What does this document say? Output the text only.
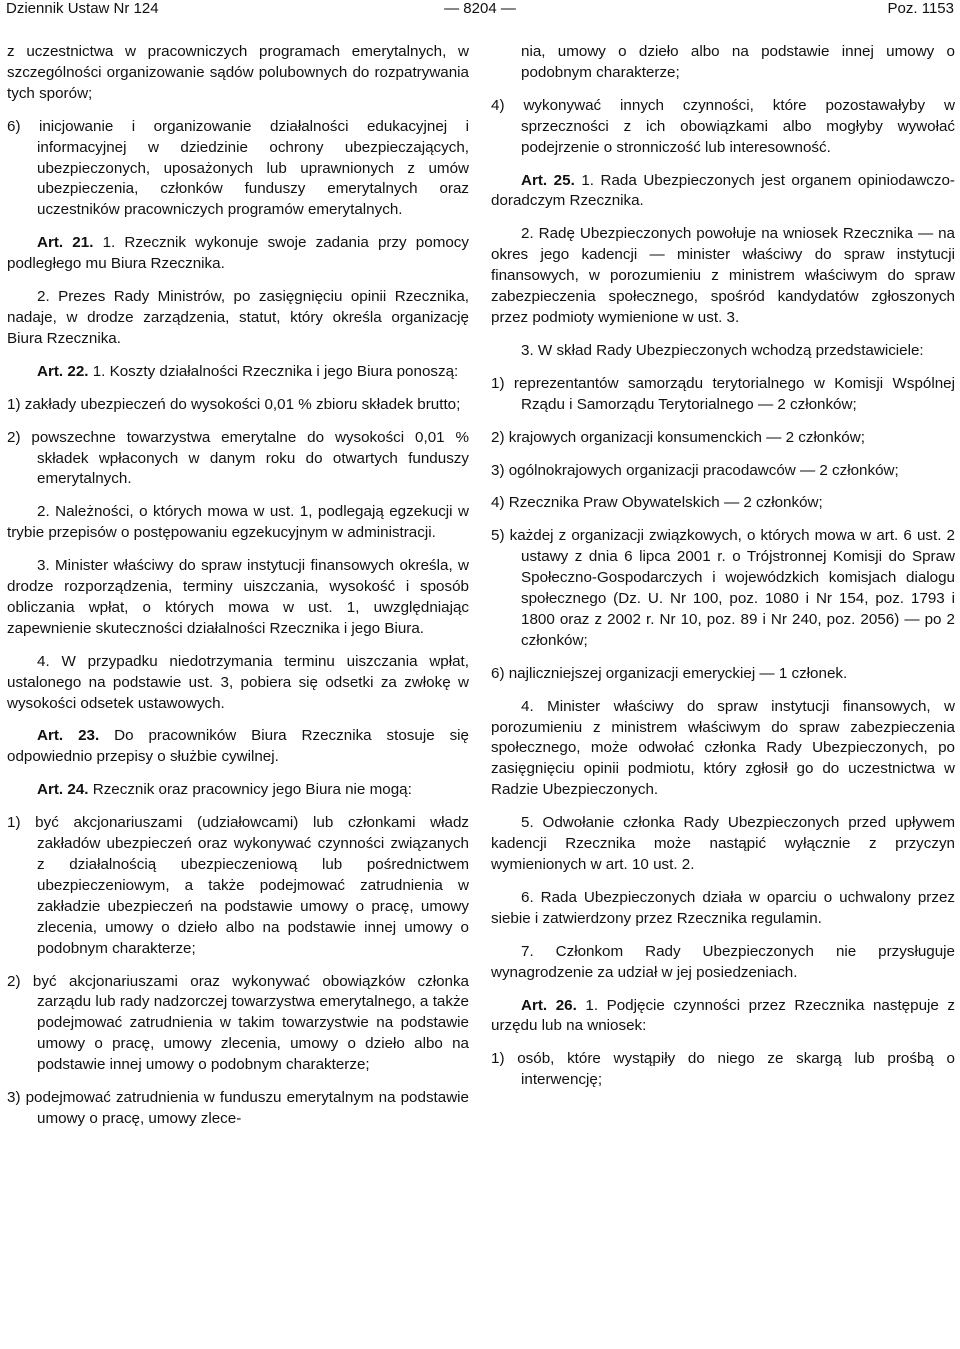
Dziennik Ustaw Nr 124	— 8204 —	Poz. 1153

z uczestnictwa w pracowniczych programach emerytalnych, w szczególności organizowanie sądów polubownych do rozpatrywania tych sporów;

6) inicjowanie i organizowanie działalności edukacyjnej i informacyjnej w dziedzinie ochrony ubezpieczających, ubezpieczonych, uposażonych lub uprawnionych z umów ubezpieczenia, członków funduszy emerytalnych oraz uczestników pracowniczych programów emerytalnych.

Art. 21. 1. Rzecznik wykonuje swoje zadania przy pomocy podległego mu Biura Rzecznika.

2. Prezes Rady Ministrów, po zasięgnięciu opinii Rzecznika, nadaje, w drodze zarządzenia, statut, który określa organizację Biura Rzecznika.

Art. 22. 1. Koszty działalności Rzecznika i jego Biura ponoszą:

1) zakłady ubezpieczeń do wysokości 0,01 % zbioru składek brutto;

2) powszechne towarzystwa emerytalne do wysokości 0,01 % składek wpłaconych w danym roku do otwartych funduszy emerytalnych.

2. Należności, o których mowa w ust. 1, podlegają egzekucji w trybie przepisów o postępowaniu egzekucyjnym w administracji.

3. Minister właściwy do spraw instytucji finansowych określa, w drodze rozporządzenia, terminy uiszczania, wysokość i sposób obliczania wpłat, o których mowa w ust. 1, uwzględniając zapewnienie skuteczności działalności Rzecznika i jego Biura.

4. W przypadku niedotrzymania terminu uiszczania wpłat, ustalonego na podstawie ust. 3, pobiera się odsetki za zwłokę w wysokości odsetek ustawowych.

Art. 23. Do pracowników Biura Rzecznika stosuje się odpowiednio przepisy o służbie cywilnej.

Art. 24. Rzecznik oraz pracownicy jego Biura nie mogą:

1) być akcjonariuszami (udziałowcami) lub członkami władz zakładów ubezpieczeń oraz wykonywać czynności związanych z działalnością ubezpieczeniową lub pośrednictwem ubezpieczeniowym, a także podejmować zatrudnienia w zakładzie ubezpieczeń na podstawie umowy o pracę, umowy zlecenia, umowy o dzieło albo na podstawie innej umowy o podobnym charakterze;

2) być akcjonariuszami oraz wykonywać obowiązków członka zarządu lub rady nadzorczej towarzystwa emerytalnego, a także podejmować zatrudnienia w takim towarzystwie na podstawie umowy o pracę, umowy zlecenia, umowy o dzieło albo na podstawie innej umowy o podobnym charakterze;

3) podejmować zatrudnienia w funduszu emerytalnym na podstawie umowy o pracę, umowy zlece-

nia, umowy o dzieło albo na podstawie innej umowy o podobnym charakterze;

4) wykonywać innych czynności, które pozostawałyby w sprzeczności z ich obowiązkami albo mogłyby wywołać podejrzenie o stronniczość lub interesowność.

Art. 25. 1. Rada Ubezpieczonych jest organem opiniodawczo-doradczym Rzecznika.

2. Radę Ubezpieczonych powołuje na wniosek Rzecznika — na okres jego kadencji — minister właściwy do spraw instytucji finansowych, w porozumieniu z ministrem właściwym do spraw zabezpieczenia społecznego, spośród kandydatów zgłoszonych przez podmioty wymienione w ust. 3.

3. W skład Rady Ubezpieczonych wchodzą przedstawiciele:

1) reprezentantów samorządu terytorialnego w Komisji Wspólnej Rządu i Samorządu Terytorialnego — 2 członków;

2) krajowych organizacji konsumenckich — 2 członków;

3) ogólnokrajowych organizacji pracodawców — 2 członków;

4) Rzecznika Praw Obywatelskich — 2 członków;

5) każdej z organizacji związkowych, o których mowa w art. 6 ust. 2 ustawy z dnia 6 lipca 2001 r. o Trójstronnej Komisji do Spraw Społeczno-Gospodarczych i wojewódzkich komisjach dialogu społecznego (Dz. U. Nr 100, poz. 1080 i Nr 154, poz. 1793 i 1800 oraz z 2002 r. Nr 10, poz. 89 i Nr 240, poz. 2056) — po 2 członków;

6) najliczniejszej organizacji emeryckiej — 1 członek.

4. Minister właściwy do spraw instytucji finansowych, w porozumieniu z ministrem właściwym do spraw zabezpieczenia społecznego, może odwołać członka Rady Ubezpieczonych, po zasięgnięciu opinii podmiotu, który zgłosił go do uczestnictwa w Radzie Ubezpieczonych.

5. Odwołanie członka Rady Ubezpieczonych przed upływem kadencji Rzecznika może nastąpić wyłącznie z przyczyn wymienionych w art. 10 ust. 2.

6. Rada Ubezpieczonych działa w oparciu o uchwalony przez siebie i zatwierdzony przez Rzecznika regulamin.

7. Członkom Rady Ubezpieczonych nie przysługuje wynagrodzenie za udział w jej posiedzeniach.

Art. 26. 1. Podjęcie czynności przez Rzecznika następuje z urzędu lub na wniosek:

1) osób, które wystąpiły do niego ze skargą lub prośbą o interwencję;
